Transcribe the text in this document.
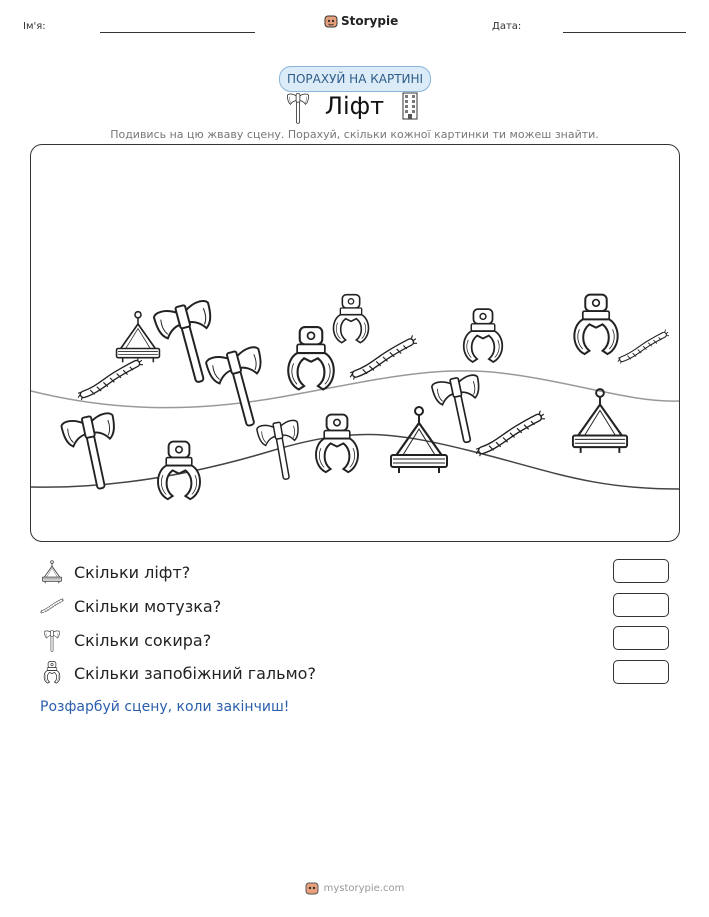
Ім'я:	Storypie	Дата:
ПОРАХУЙ НА КАРТИНІ
Ліфт
Подивись на цю жваву сцену. Порахуй, скільки кожної картинки ти можеш знайти.
Скільки ліфт?
Скільки мотузка?
Скільки сокира?
Скільки запобіжний гальмо?
Розфарбуй сцену, коли закінчиш!
mystorypie.com
